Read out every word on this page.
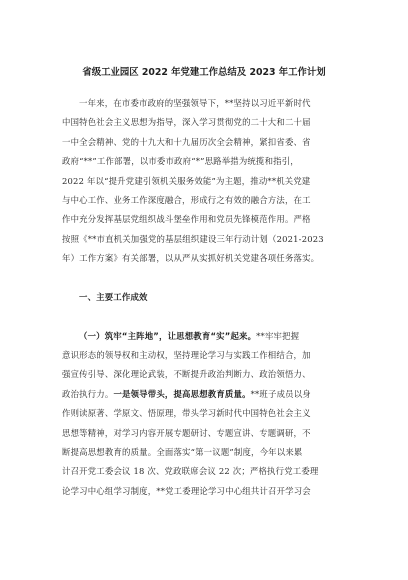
省级工业园区 2022 年党建工作总结及 2023 年工作计划
一年来，在市委市政府的坚强领导下，**坚持以习近平新时代
中国特色社会主义思想为指导，深入学习贯彻党的二十大和二十届
一中全会精神、党的十九大和十九届历次全会精神，紧扣省委、省
政府“**”工作部署，以市委市政府“*”思路举措为统揽和指引，
2022 年以“提升党建引领机关服务效能”为主题，推动**机关党建
与中心工作、业务工作深度融合，形成行之有效的融合方法，在工
作中充分发挥基层党组织战斗堡垒作用和党员先锋模范作用。严格
按照《**市直机关加强党的基层组织建设三年行动计划（2021-2023
年）工作方案》有关部署，以从严从实抓好机关党建各项任务落实。
一、主要工作成效
（一）筑牢“主阵地”，让思想教育“实”起来。**牢牢把握
意识形态的领导权和主动权，坚持理论学习与实践工作相结合，加
强宣传引导、深化理论武装，不断提升政治判断力、政治领悟力、
政治执行力。一是领导带头，提高思想教育质量。**班子成员以身
作则读原著、学原文、悟原理，带头学习新时代中国特色社会主义
思想等精神，对学习内容开展专题研讨、专题宣讲、专题调研，不
断提高思想教育的质量。全面落实“第一议题”制度，今年以来累
计召开党工委会议 18 次、党政联席会议 22 次；严格执行党工委理
论学习中心组学习制度，**党工委理论学习中心组共计召开学习会
